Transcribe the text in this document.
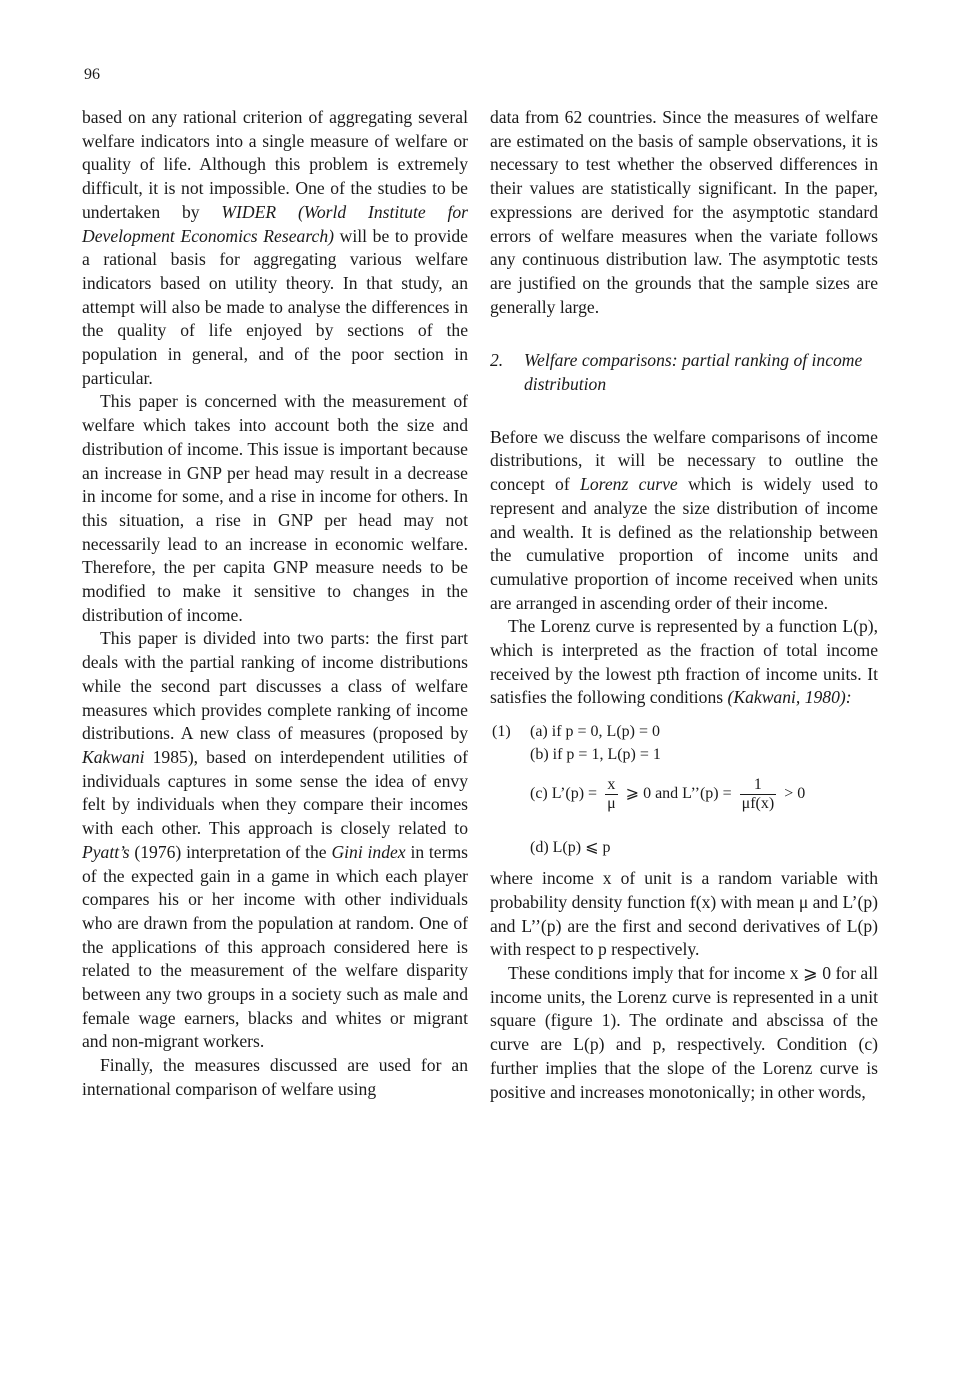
96

based on any rational criterion of aggregating several welfare indicators into a single measure of welfare or quality of life. Although this problem is extremely difficult, it is not impossible. One of the studies to be undertaken by WIDER (World Institute for Development Economics Research) will be to provide a rational basis for aggregating various welfare indicators based on utility theory. In that study, an attempt will also be made to analyse the differences in the quality of life enjoyed by sections of the population in general, and of the poor section in particular.

This paper is concerned with the measurement of welfare which takes into account both the size and distribution of income. This issue is important because an increase in GNP per head may result in a decrease in income for some, and a rise in income for others. In this situation, a rise in GNP per head may not necessarily lead to an increase in economic welfare. Therefore, the per capita GNP measure needs to be modified to make it sensitive to changes in the distribution of income.

This paper is divided into two parts: the first part deals with the partial ranking of income distributions while the second part discusses a class of welfare measures which provides complete ranking of income distributions. A new class of measures (proposed by Kakwani 1985), based on interdependent utilities of individuals captures in some sense the idea of envy felt by individuals when they compare their incomes with each other. This approach is closely related to Pyatt’s (1976) interpretation of the Gini index in terms of the expected gain in a game in which each player compares his or her income with other individuals who are drawn from the population at random. One of the applications of this approach considered here is related to the measurement of the welfare disparity between any two groups in a society such as male and female wage earners, blacks and whites or migrant and non-migrant workers.

Finally, the measures discussed are used for an international comparison of welfare using

data from 62 countries. Since the measures of welfare are estimated on the basis of sample observations, it is necessary to test whether the observed differences in their values are statistically significant. In the paper, expressions are derived for the asymptotic standard errors of welfare measures when the variate follows any continuous distribution law. The asymptotic tests are justified on the grounds that the sample sizes are generally large.

2. Welfare comparisons: partial ranking of income distribution

Before we discuss the welfare comparisons of income distributions, it will be necessary to outline the concept of Lorenz curve which is widely used to represent and analyze the size distribution of income and wealth. It is defined as the relationship between the cumulative proportion of income units and cumulative proportion of income received when units are arranged in ascending order of their income.

The Lorenz curve is represented by a function L(p), which is interpreted as the fraction of total income received by the lowest pth fraction of income units. It satisfies the following conditions (Kakwani, 1980):

(1) (a) if p = 0, L(p) = 0
(b) if p = 1, L(p) = 1
(c) L’(p) = $\frac{x}{\mu}$ ⩾ 0 and L’’(p) = $\frac{1}{\mu f(x)} > 0$
(d) L(p) ⩽ p

where income x of unit is a random variable with probability density function f(x) with mean μ and L’(p) and L’’(p) are the first and second derivatives of L(p) with respect to p respectively.

These conditions imply that for income x ⩾ 0 for all income units, the Lorenz curve is represented in a unit square (figure 1). The ordinate and abscissa of the curve are L(p) and p, respectively. Condition (c) further implies that the slope of the Lorenz curve is positive and increases monotonically; in other words,
